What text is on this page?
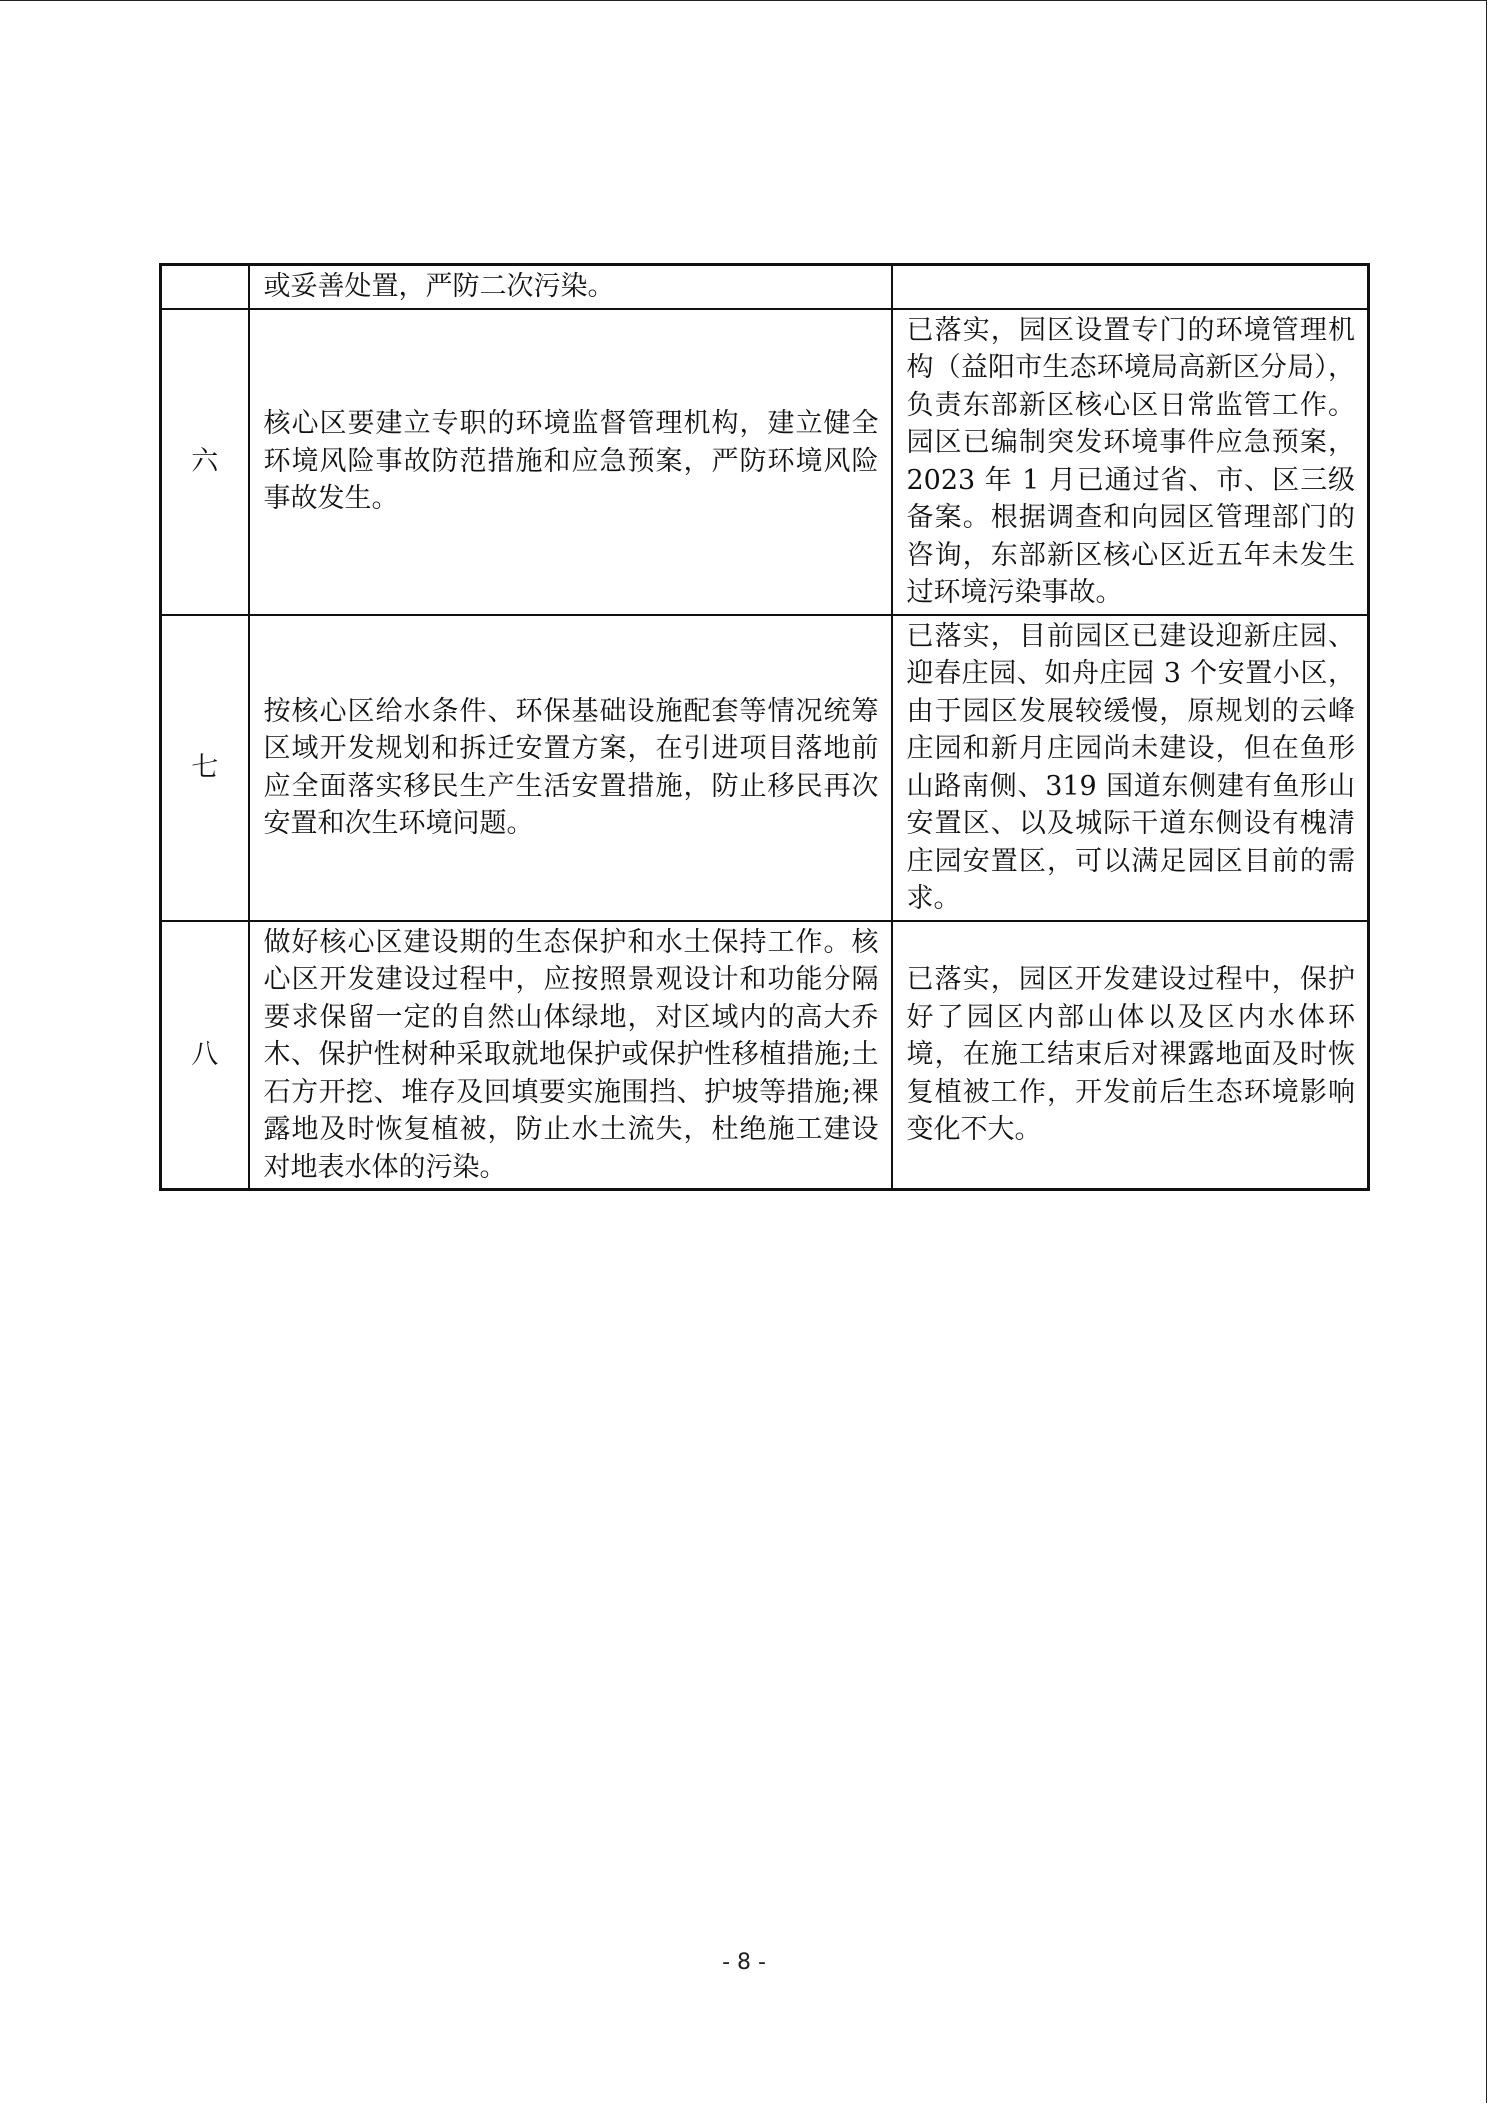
	或妥善处置，严防二次污染。	
六	核心区要建立专职的环境监督管理机构，建立健全环境风险事故防范措施和应急预案，严防环境风险事故发生。	已落实，园区设置专门的环境管理机构（益阳市生态环境局高新区分局），负责东部新区核心区日常监管工作。园区已编制突发环境事件应急预案，2023 年 1 月已通过省、市、区三级备案。根据调查和向园区管理部门的咨询，东部新区核心区近五年未发生过环境污染事故。
七	按核心区给水条件、环保基础设施配套等情况统筹区域开发规划和拆迁安置方案，在引进项目落地前应全面落实移民生产生活安置措施，防止移民再次安置和次生环境问题。	已落实，目前园区已建设迎新庄园、迎春庄园、如舟庄园 3 个安置小区，由于园区发展较缓慢，原规划的云峰庄园和新月庄园尚未建设，但在鱼形山路南侧、319 国道东侧建有鱼形山安置区、以及城际干道东侧设有槐清庄园安置区，可以满足园区目前的需求。
八	做好核心区建设期的生态保护和水土保持工作。核心区开发建设过程中，应按照景观设计和功能分隔要求保留一定的自然山体绿地，对区域内的高大乔木、保护性树种采取就地保护或保护性移植措施;土石方开挖、堆存及回填要实施围挡、护坡等措施;裸露地及时恢复植被，防止水土流失，杜绝施工建设对地表水体的污染。	已落实，园区开发建设过程中，保护好了园区内部山体以及区内水体环境，在施工结束后对裸露地面及时恢复植被工作，开发前后生态环境影响变化不大。
- 8 -
